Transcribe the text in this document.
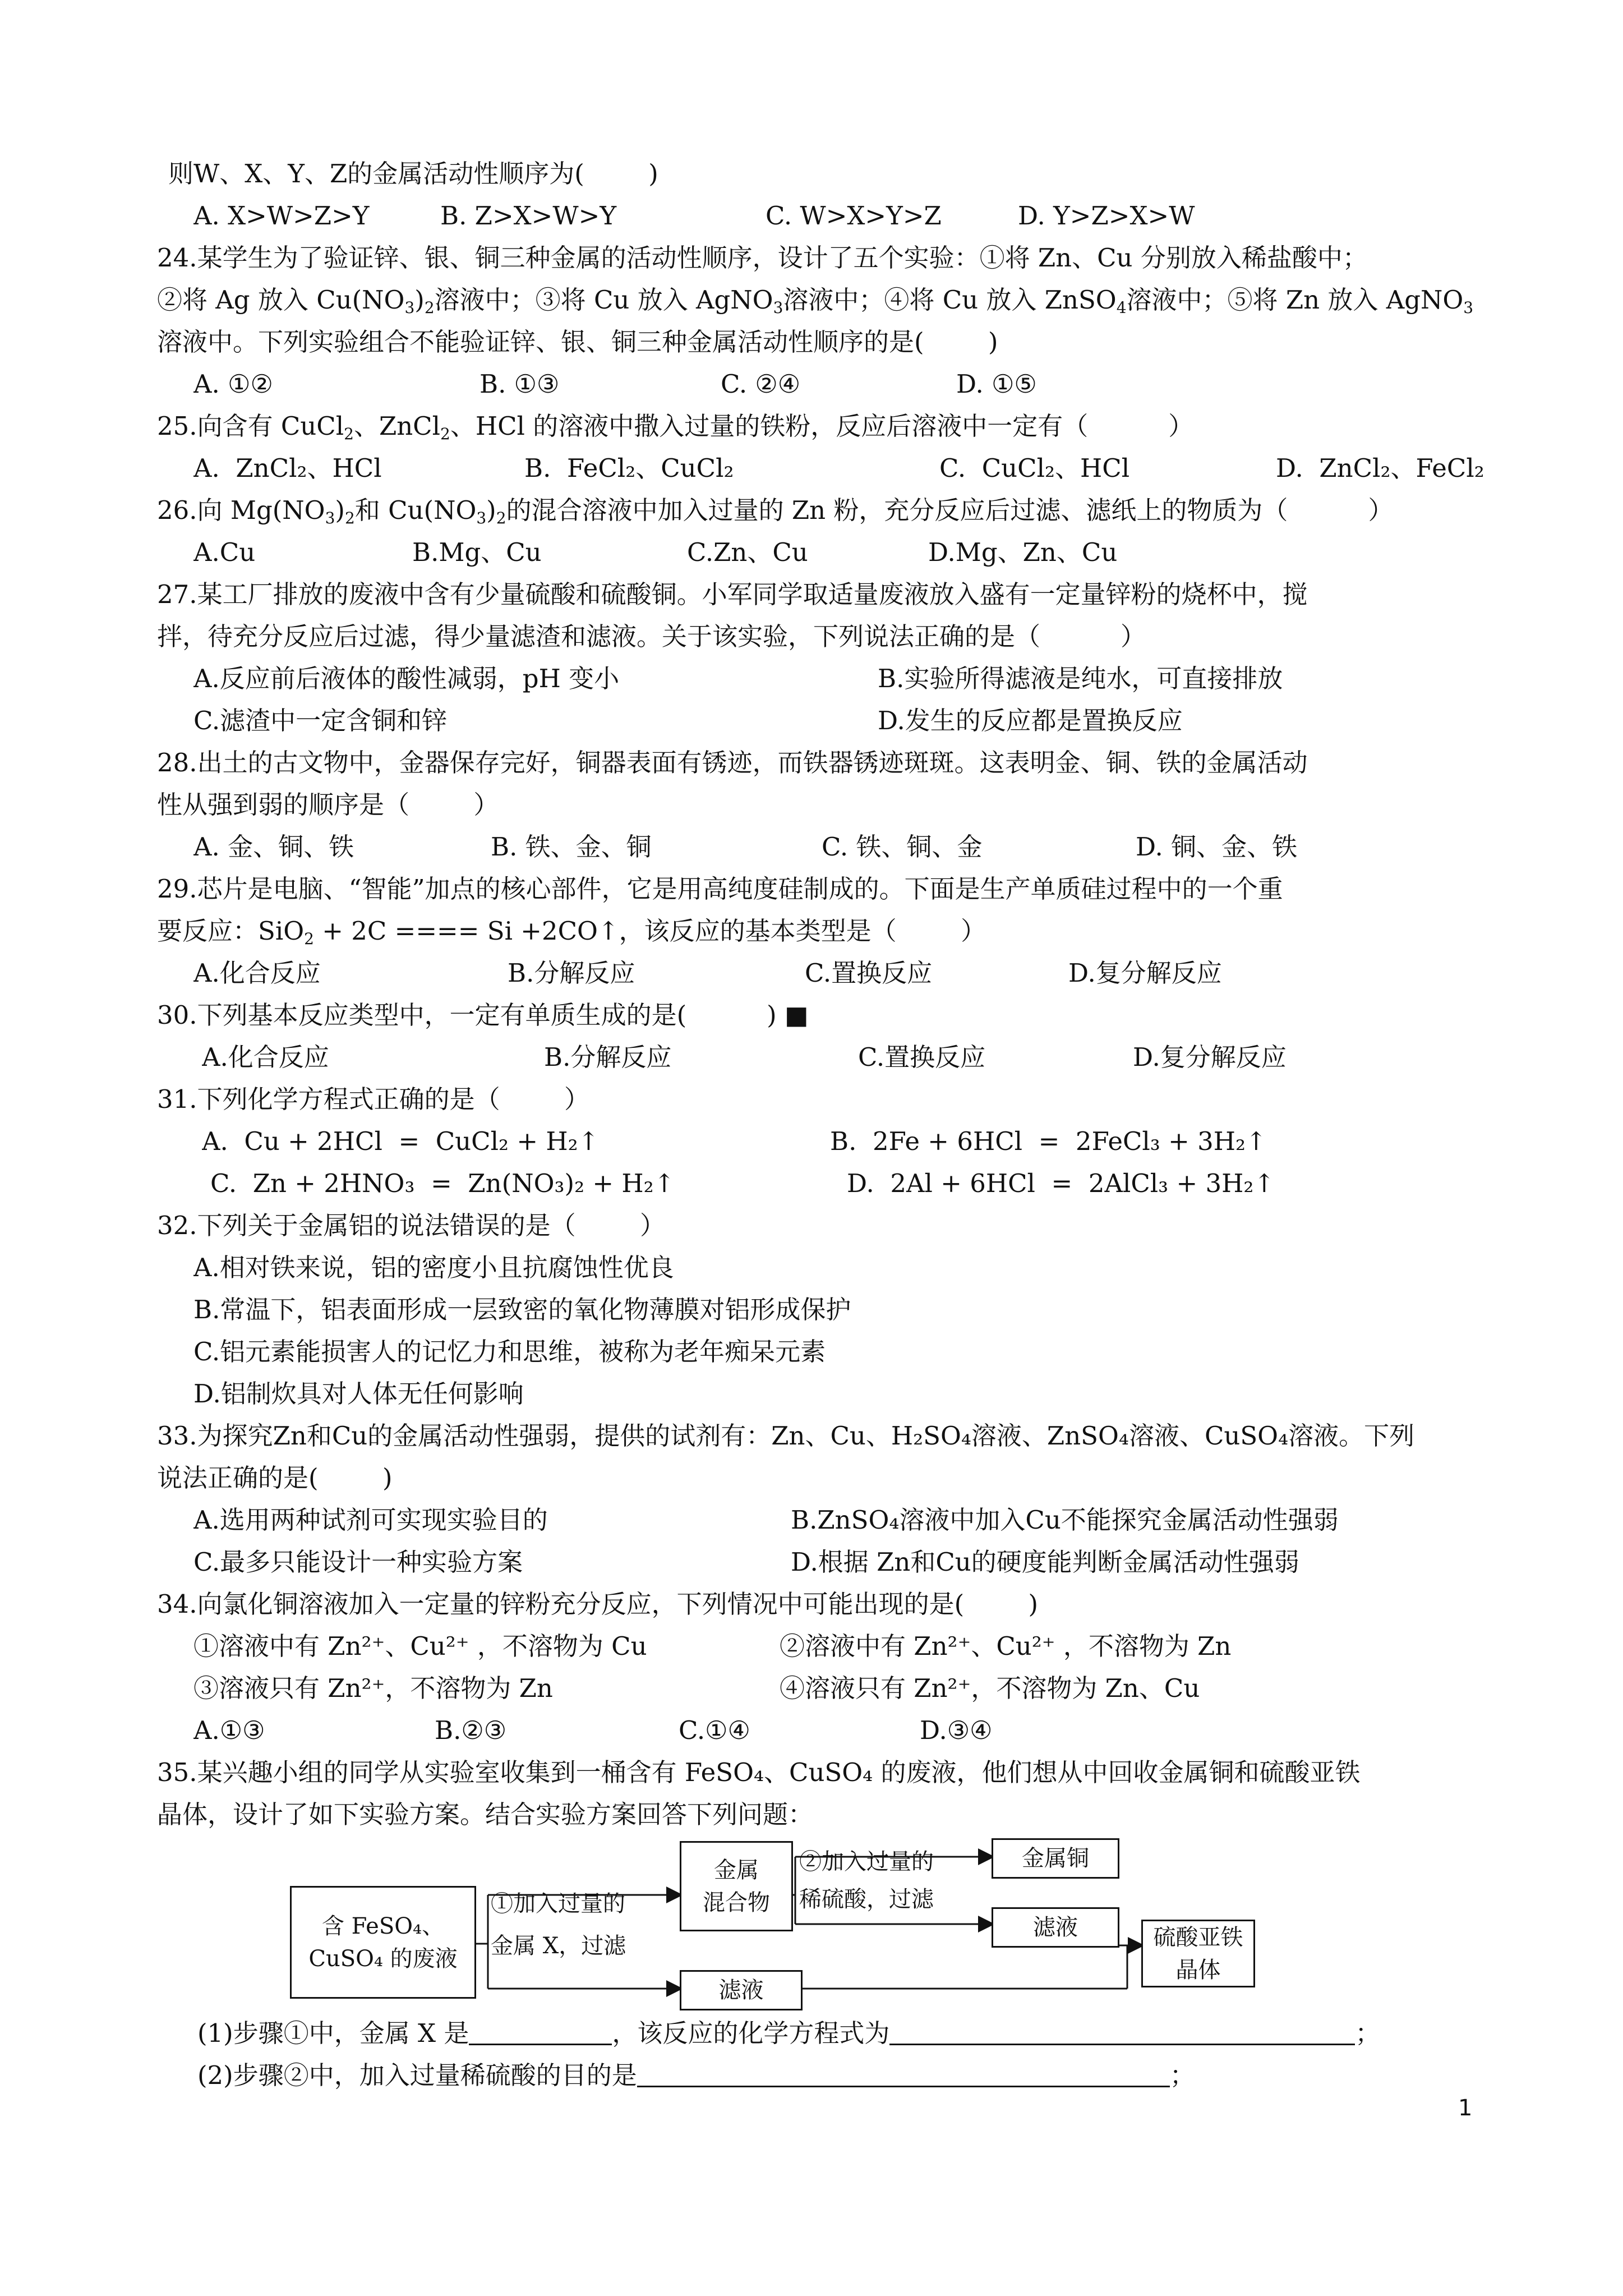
则W、X、Y、Z的金属活动性顺序为(        )
A. X>W>Z>Y	B. Z>X>W>Y	C. W>X>Y>Z	D. Y>Z>X>W
24.某学生为了验证锌、银、铜三种金属的活动性顺序，设计了五个实验：①将 Zn、Cu 分别放入稀盐酸中；
②将 Ag 放入 $Cu(NO_3)_2$溶液中；③将 Cu 放入 AgNO$_3$溶液中；④将 Cu 放入 ZnSO$_4$溶液中；⑤将 Zn 放入 AgNO$_3$
溶液中。下列实验组合不能验证锌、银、铜三种金属活动性顺序的是(        )
A. ①②	B. ①③	C. ②④	D. ①⑤
25.向含有 CuCl$_2$、ZnCl$_2$、HCl 的溶液中撒入过量的铁粉，反应后溶液中一定有（          ）
A.  ZnCl₂、HCl	B.  FeCl₂、CuCl₂	C.  CuCl₂、HCl	D.  ZnCl₂、FeCl₂
26.向 $Mg(NO_3)_2$和 $Cu(NO_3)_2$的混合溶液中加入过量的 Zn 粉，充分反应后过滤、滤纸上的物质为（          ）
A.Cu	B.Mg、Cu	C.Zn、Cu	D.Mg、Zn、Cu
27.某工厂排放的废液中含有少量硫酸和硫酸铜。小军同学取适量废液放入盛有一定量锌粉的烧杯中，搅
拌，待充分反应后过滤，得少量滤渣和滤液。关于该实验，下列说法正确的是（          ）
A.反应前后液体的酸性减弱，pH 变小	B.实验所得滤液是纯水，可直接排放
C.滤渣中一定含铜和锌	D.发生的反应都是置换反应
28.出土的古文物中，金器保存完好，铜器表面有锈迹，而铁器锈迹斑斑。这表明金、铜、铁的金属活动
性从强到弱的顺序是（        ）
A. 金、铜、铁	B. 铁、金、铜	C. 铁、铜、金	D. 铜、金、铁
29.芯片是电脑、“智能”加点的核心部件，它是用高纯度硅制成的。下面是生产单质硅过程中的一个重
要反应：SiO$_2$ + 2C ==== Si +2CO↑，该反应的基本类型是（        ）
A.化合反应	B.分解反应	C.置换反应	D.复分解反应
30.下列基本反应类型中，一定有单质生成的是(          ) ■
A.化合反应	B.分解反应	C.置换反应	D.复分解反应
31.下列化学方程式正确的是（        ）
A.  Cu + 2HCl  =  CuCl₂ + H₂↑	B.  2Fe + 6HCl  =  2FeCl₃ + 3H₂↑
C.  Zn + 2HNO₃  =  Zn(NO₃)₂ + H₂↑	D.  2Al + 6HCl  =  2AlCl₃ + 3H₂↑
32.下列关于金属铝的说法错误的是（        ）
A.相对铁来说，铝的密度小且抗腐蚀性优良
B.常温下，铝表面形成一层致密的氧化物薄膜对铝形成保护
C.铝元素能损害人的记忆力和思维，被称为老年痴呆元素
D.铝制炊具对人体无任何影响
33.为探究Zn和Cu的金属活动性强弱，提供的试剂有：Zn、Cu、H₂SO₄溶液、ZnSO₄溶液、CuSO₄溶液。下列
说法正确的是(        )
A.选用两种试剂可实现实验目的	B.ZnSO₄溶液中加入Cu不能探究金属活动性强弱
C.最多只能设计一种实验方案	D.根据 Zn和Cu的硬度能判断金属活动性强弱
34.向氯化铜溶液加入一定量的锌粉充分反应，下列情况中可能出现的是(        )
①溶液中有 Zn²⁺、Cu²⁺ ，不溶物为 Cu	②溶液中有 Zn²⁺、Cu²⁺ ，不溶物为 Zn
③溶液只有 Zn²⁺，不溶物为 Zn	④溶液只有 Zn²⁺，不溶物为 Zn、Cu
A.①③	B.②③	C.①④	D.③④
35.某兴趣小组的同学从实验室收集到一桶含有 FeSO₄、CuSO₄ 的废液，他们想从中回收金属铜和硫酸亚铁
晶体，设计了如下实验方案。结合实验方案回答下列问题：
含 FeSO₄、
CuSO₄ 的废液
①加入过量的
金属 X，过滤
金属
混合物
②加入过量的
稀硫酸，过滤
金属铜
滤液
滤液
硫酸亚铁
晶体
(1)步骤①中，金属 X 是	，该反应的化学方程式为	；
(2)步骤②中，加入过量稀硫酸的目的是	；
1
